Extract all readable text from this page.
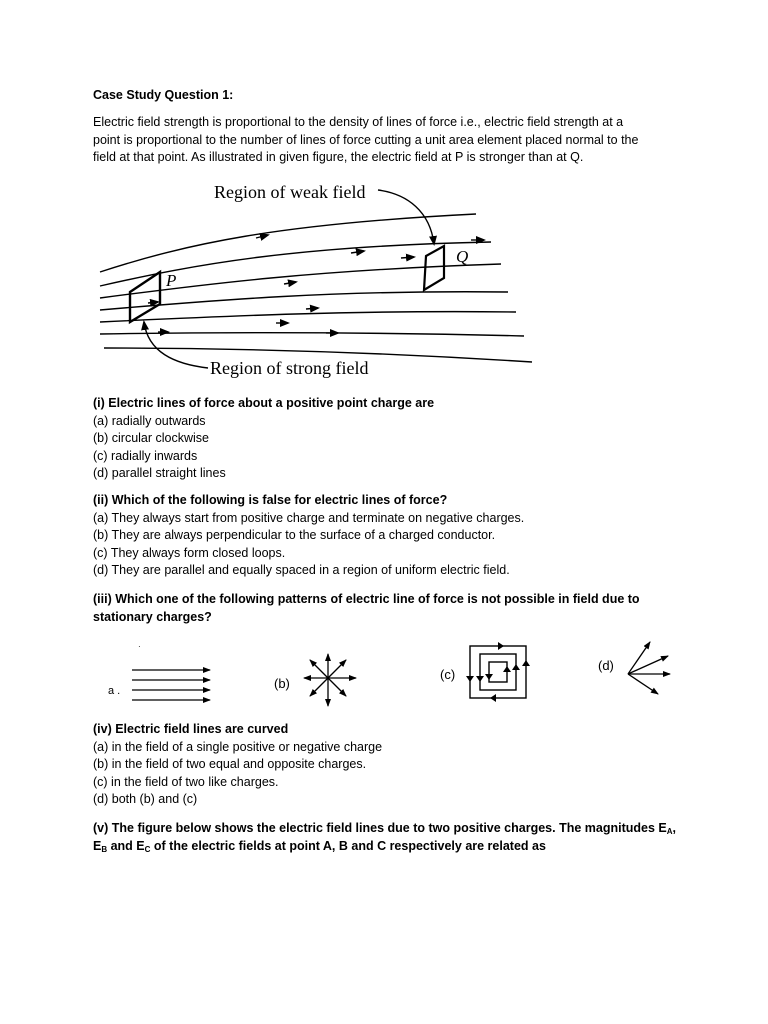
Case Study Question 1:
Electric field strength is proportional to the density of lines of force i.e., electric field strength at a
point is proportional to the number of lines of force cutting a unit area element placed normal to the
field at that point. As illustrated in given figure, the electric field at P is stronger than at Q.
(i) Electric lines of force about a positive point charge are
(a) radially outwards
(b) circular clockwise
(c) radially inwards
(d) parallel straight lines
(ii) Which of the following is false for electric lines of force?
(a) They always start from positive charge and terminate on negative charges.
(b) They are always perpendicular to the surface of a charged conductor.
(c) They always form closed loops.
(d) They are parallel and equally spaced in a region of uniform electric field.
(iii) Which one of the following patterns of electric line of force is not possible in field due to
stationary charges?
(iv) Electric field lines are curved
(a) in the field of a single positive or negative charge
(b) in the field of two equal and opposite charges.
(c) in the field of two like charges.
(d) both (b) and (c)
(v) The figure below shows the electric field lines due to two positive charges. The magnitudes $E_A$,
$E_B$ and $E_C$ of the electric fields at point A, B and C respectively are related as
P
Q
Region of weak field
Region of strong field
·
a .	(b)
(c)
(d)
